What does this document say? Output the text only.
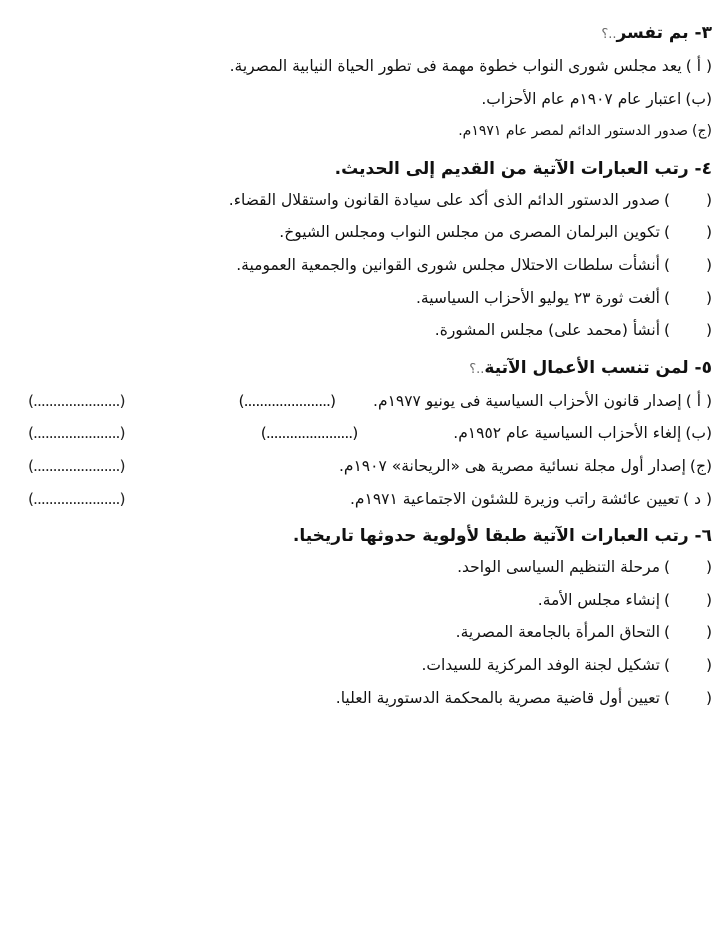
٣- بم تفسر..؟
( أ )
يعد مجلس شورى النواب خطوة مهمة فى تطور الحياة النيابية المصرية.
(ب)
اعتبار عام ١٩٠٧م عام الأحزاب.
(ج)
صدور الدستور الدائم لمصر عام ١٩٧١م.
٤- رتب العبارات الآتية من القديم إلى الحديث.
(
)
صدور الدستور الدائم الذى أكد على سيادة القانون واستقلال القضاء.
(
)
تكوين البرلمان المصرى من مجلس النواب ومجلس الشيوخ.
(
)
أنشأت سلطات الاحتلال مجلس شورى القوانين والجمعية العمومية.
(
)
ألغت ثورة ٢٣ يوليو الأحزاب السياسية.
(
)
أنشأ (محمد على) مجلس المشورة.
٥- لمن تنسب الأعمال الآتية..؟
( أ )
إصدار قانون الأحزاب السياسية فى يونيو ١٩٧٧م.
(......................)
(......................)
(ب)
إلغاء الأحزاب السياسية عام ١٩٥٢م.
(......................)
(......................)
(ج)
إصدار أول مجلة نسائية مصرية هى «الريحانة» ١٩٠٧م.
(......................)
( د )
تعيين عائشة راتب وزيرة للشئون الاجتماعية ١٩٧١م.
(......................)
٦- رتب العبارات الآتية طبقا لأولوية حدوثها تاريخيا.
(
)
مرحلة التنظيم السياسى الواحد.
(
)
إنشاء مجلس الأمة.
(
)
التحاق المرأة بالجامعة المصرية.
(
)
تشكيل لجنة الوفد المركزية للسيدات.
(
)
تعيين أول قاضية مصرية بالمحكمة الدستورية العليا.
